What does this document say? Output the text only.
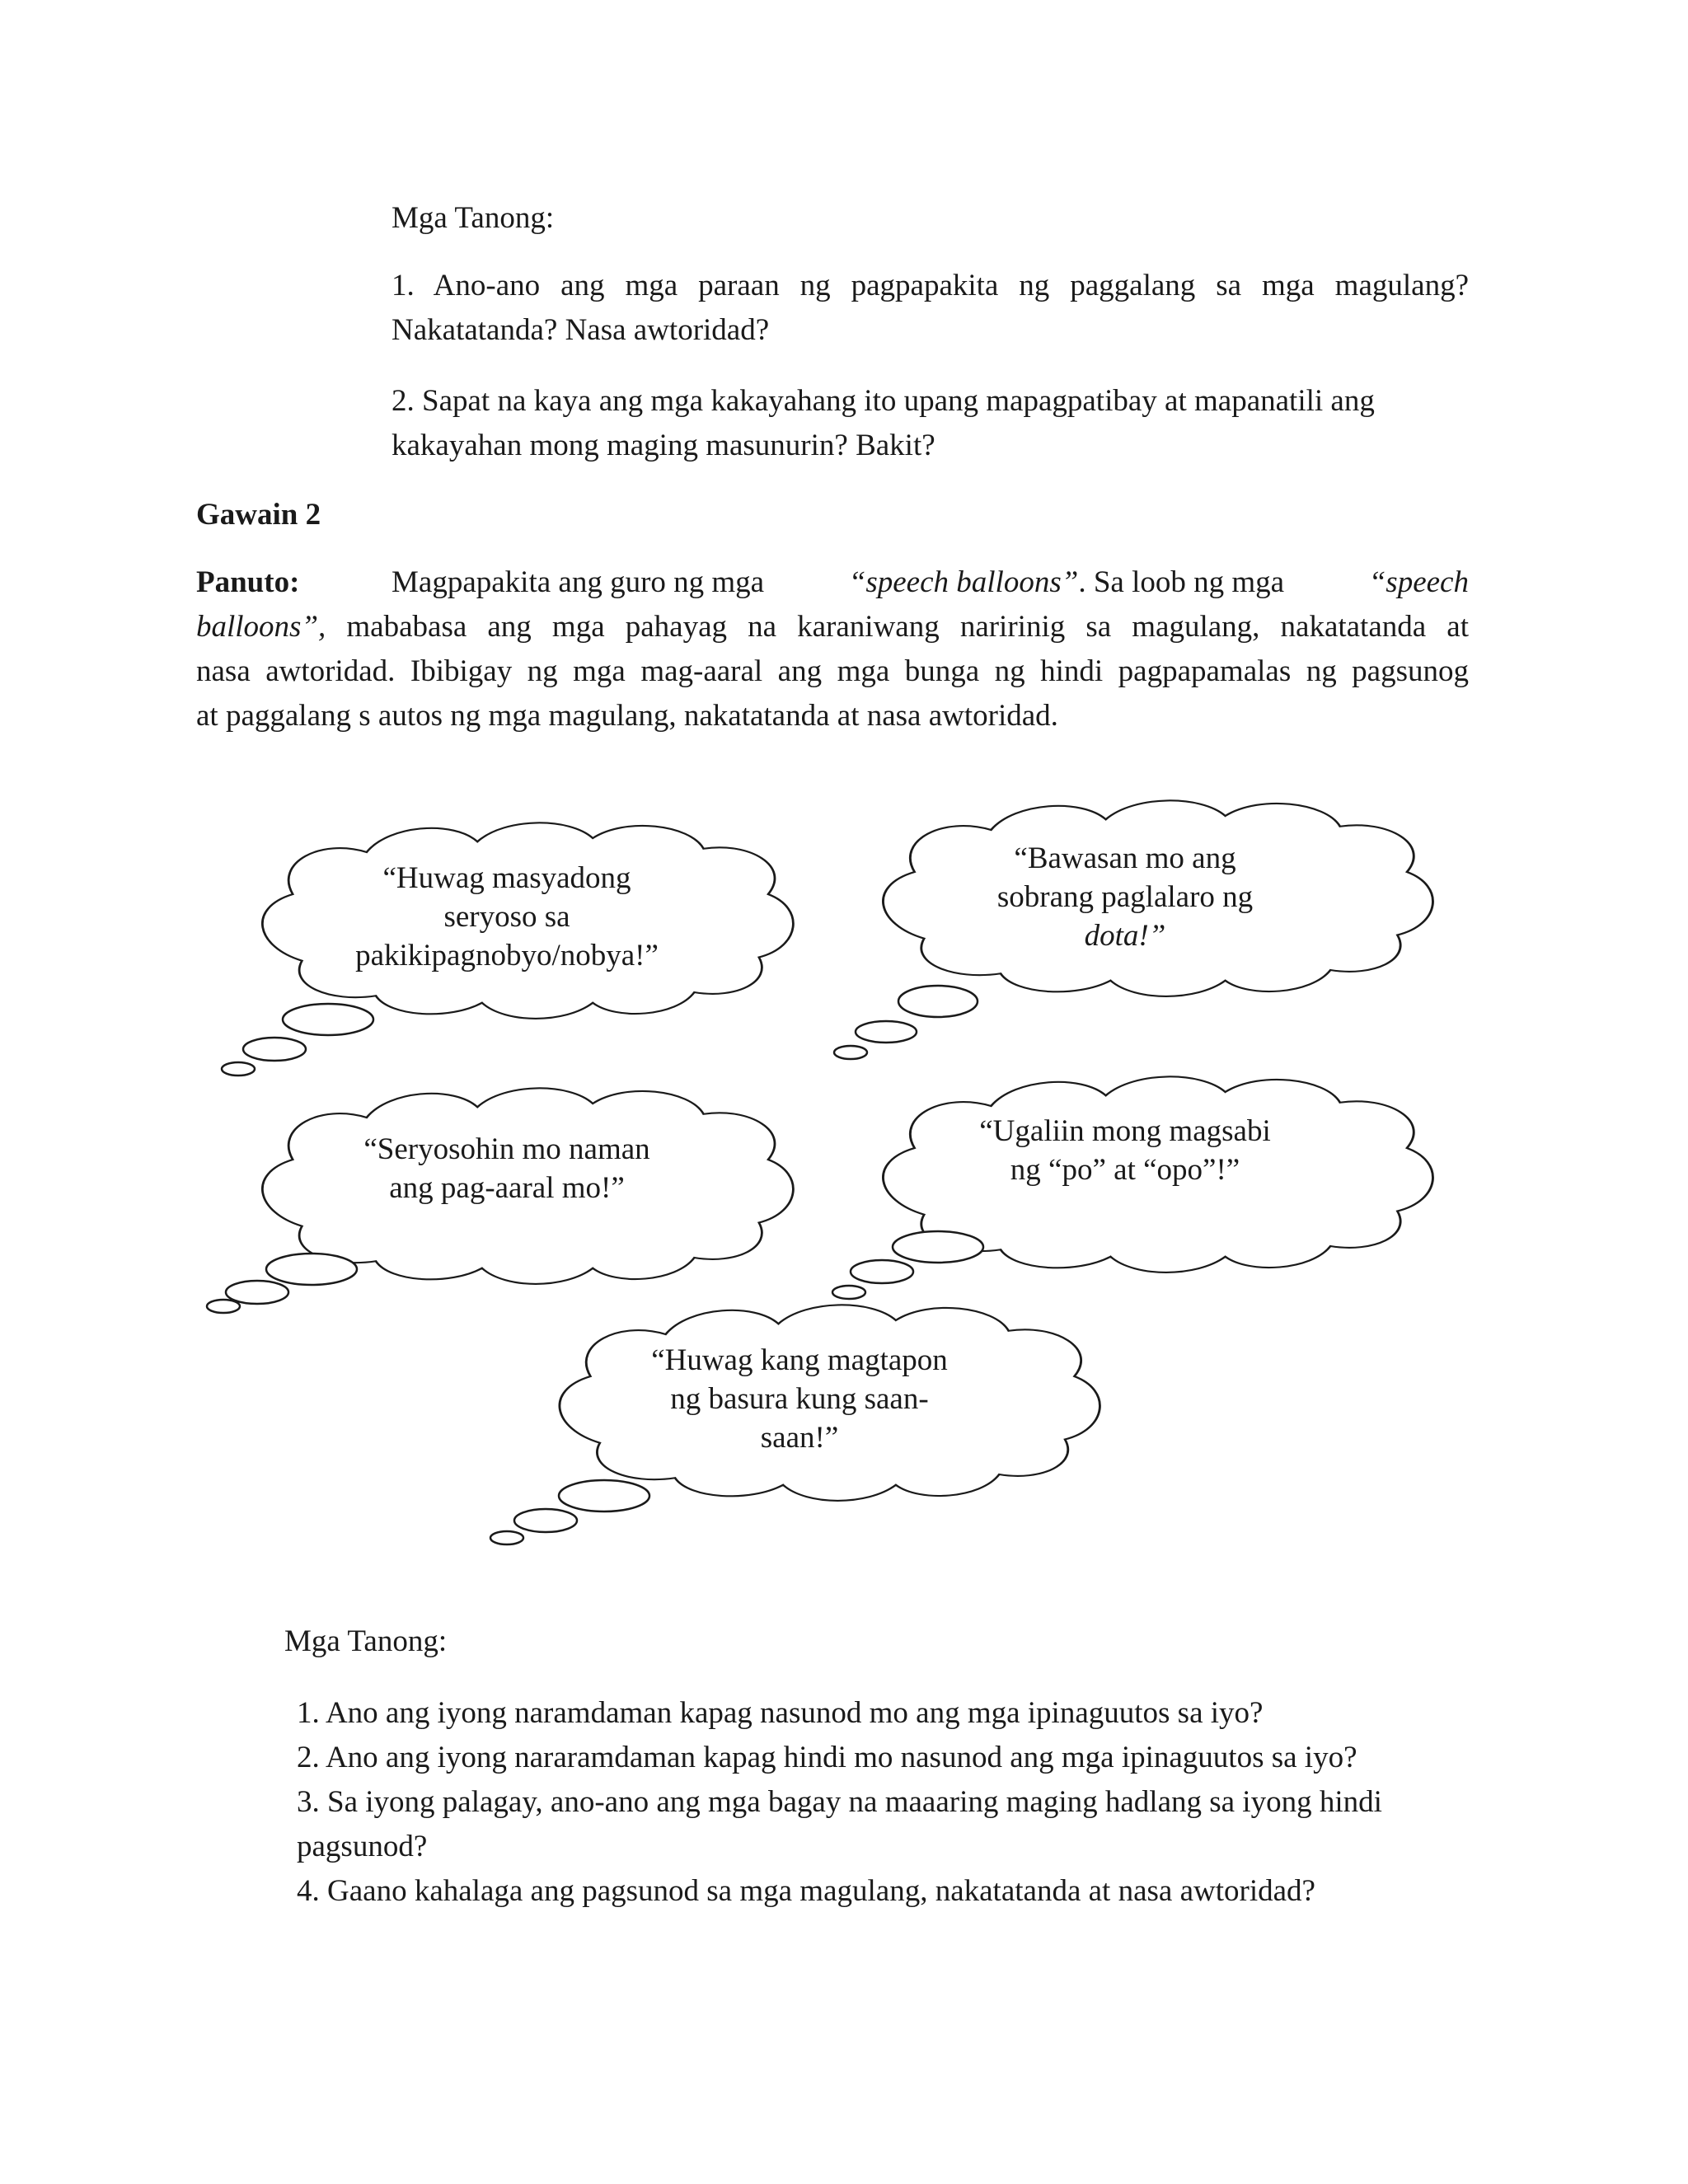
Mga Tanong:
1. Ano-ano ang mga paraan ng pagpapakita ng paggalang sa mga magulang?
Nakatatanda? Nasa awtoridad?
2. Sapat na kaya ang mga kakayahang ito upang mapagpatibay at mapanatili ang
kakayahan mong maging masunurin? Bakit?
Gawain 2
Panuto:	Magpapakita ang guro ng mga	“speech balloons”. Sa loob ng mga	“speech
balloons”, mababasa ang mga pahayag na karaniwang naririnig sa magulang, nakatatanda at
nasa awtoridad. Ibibigay ng mga mag-aaral ang mga bunga ng hindi pagpapamalas ng pagsunog
at paggalang s autos ng mga magulang, nakatatanda at nasa awtoridad.
“Huwag masyadong
seryoso sa
pakikipagnobyo/nobya!”
“Bawasan mo ang
sobrang paglalaro ng
dota!”
“Seryosohin mo naman
ang pag-aaral mo!”
“Ugaliin mong magsabi
ng “po” at “opo”!”
“Huwag kang magtapon
ng basura kung saan-
saan!”
Mga Tanong:
1. Ano ang iyong naramdaman kapag nasunod mo ang mga ipinaguutos sa iyo?
2. Ano ang iyong nararamdaman kapag hindi mo nasunod ang mga ipinaguutos sa iyo?
3. Sa iyong palagay, ano-ano ang mga bagay na maaaring maging hadlang sa iyong hindi
pagsunod?
4. Gaano kahalaga ang pagsunod sa mga magulang, nakatatanda at nasa awtoridad?
